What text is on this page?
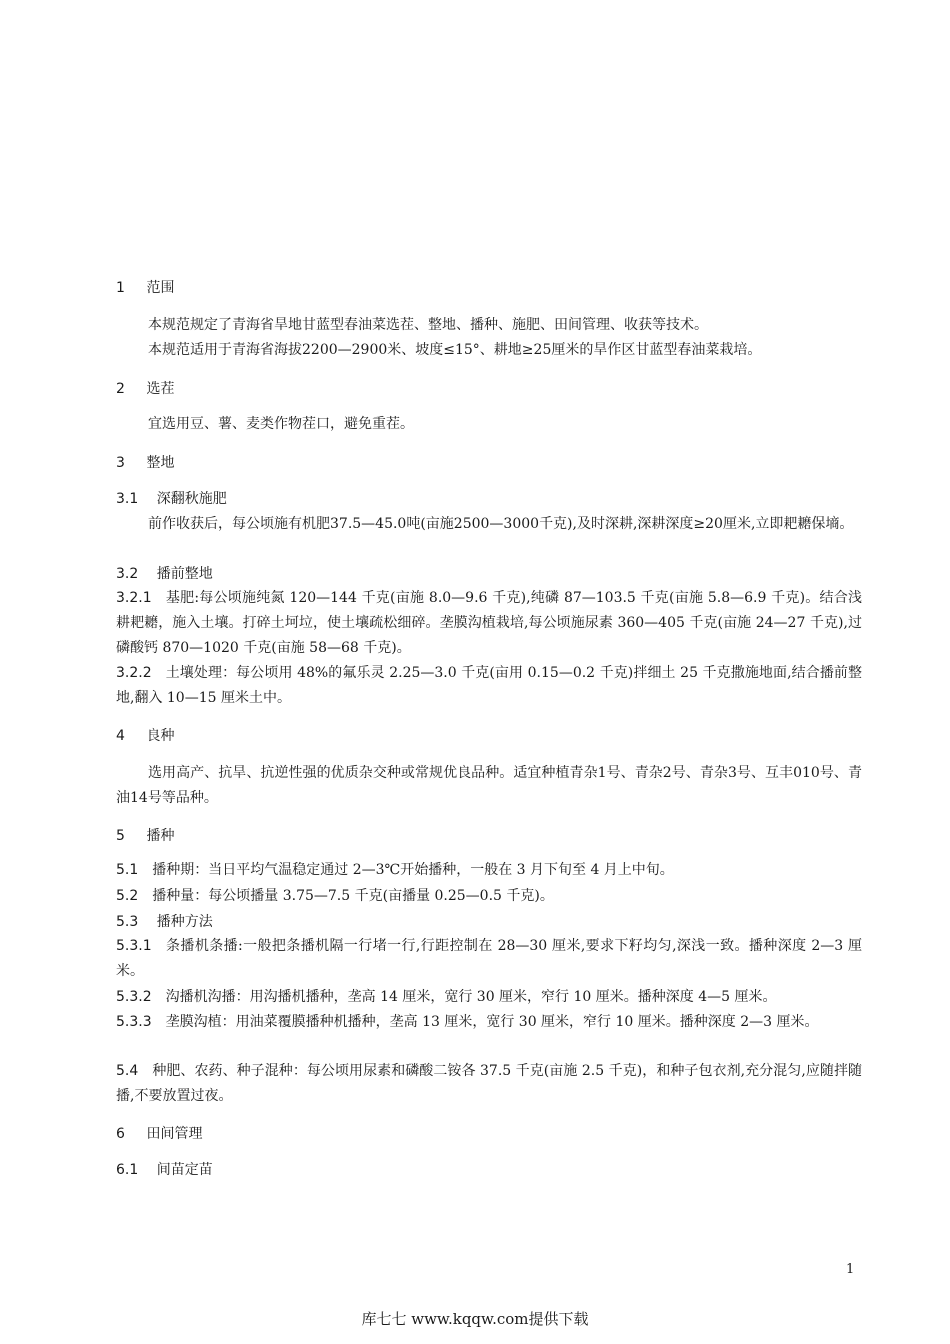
1 范围
本规范规定了青海省旱地甘蓝型春油菜选茬、整地、播种、施肥、田间管理、收获等技术。
本规范适用于青海省海拔2200—2900米、坡度≤15°、耕地≥25厘米的旱作区甘蓝型春油菜栽培。
2 选茬
宜选用豆、薯、麦类作物茬口，避免重茬。
3 整地
3.1 深翻秋施肥
前作收获后，每公顷施有机肥37.5—45.0吨(亩施2500—3000千克),及时深耕,深耕深度≥20厘米,立即耙耱保墒。
3.2 播前整地
3.2.1 基肥:每公顷施纯氮 120—144 千克(亩施 8.0—9.6 千克),纯磷 87—103.5 千克(亩施 5.8—6.9 千克)。结合浅耕耙耱，施入土壤。打碎土坷垃，使土壤疏松细碎。垄膜沟植栽培,每公顷施尿素 360—405 千克(亩施 24—27 千克),过磷酸钙 870—1020 千克(亩施 58—68 千克)。
3.2.2 土壤处理：每公顷用 48%的氟乐灵 2.25—3.0 千克(亩用 0.15—0.2 千克)拌细土 25 千克撒施地面,结合播前整地,翻入 10—15 厘米土中。
4 良种
选用高产、抗旱、抗逆性强的优质杂交种或常规优良品种。适宜种植青杂1号、青杂2号、青杂3号、互丰010号、青油14号等品种。
5 播种
5.1 播种期：当日平均气温稳定通过 2—3℃开始播种，一般在 3 月下旬至 4 月上中旬。
5.2 播种量：每公顷播量 3.75—7.5 千克(亩播量 0.25—0.5 千克)。
5.3 播种方法
5.3.1 条播机条播:一般把条播机隔一行堵一行,行距控制在 28—30 厘米,要求下籽均匀,深浅一致。播种深度 2—3 厘米。
5.3.2 沟播机沟播：用沟播机播种，垄高 14 厘米，宽行 30 厘米，窄行 10 厘米。播种深度 4—5 厘米。
5.3.3 垄膜沟植：用油菜覆膜播种机播种，垄高 13 厘米，宽行 30 厘米，窄行 10 厘米。播种深度 2—3 厘米。
5.4 种肥、农药、种子混种：每公顷用尿素和磷酸二铵各 37.5 千克(亩施 2.5 千克)，和种子包衣剂,充分混匀,应随拌随播,不要放置过夜。
6 田间管理
6.1 间苗定苗
1
库七七 www.kqqw.com提供下载
